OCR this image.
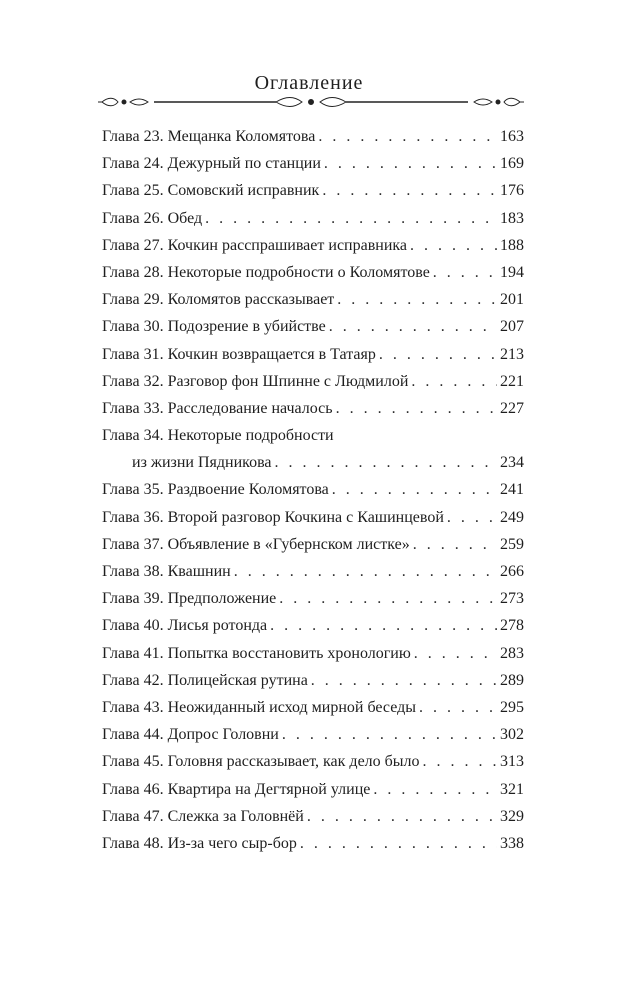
Оглавление
Глава 23. Мещанка Коломятова . . .	163
Глава 24. Дежурный по станции . . .	169
Глава 25. Сомовский исправник . . .	176
Глава 26. Обед . . .	183
Глава 27. Кочкин расспрашивает исправника . . .	188
Глава 28. Некоторые подробности о Коломятове . . .	194
Глава 29. Коломятов рассказывает . . .	201
Глава 30. Подозрение в убийстве . . .	207
Глава 31. Кочкин возвращается в Татаяр . . .	213
Глава 32. Разговор фон Шпинне с Людмилой . . .	221
Глава 33. Расследование началось . . .	227
Глава 34. Некоторые подробности
из жизни Пядникова . . .	234
Глава 35. Раздвоение Коломятова . . .	241
Глава 36. Второй разговор Кочкина с Кашинцевой . . .	249
Глава 37. Объявление в «Губернском листке» . . .	259
Глава 38. Квашнин . . .	266
Глава 39. Предположение . . .	273
Глава 40. Лисья ротонда . . .	278
Глава 41. Попытка восстановить хронологию . . .	283
Глава 42. Полицейская рутина . . .	289
Глава 43. Неожиданный исход мирной беседы . . .	295
Глава 44. Допрос Головни . . .	302
Глава 45. Головня рассказывает, как дело было . . .	313
Глава 46. Квартира на Дегтярной улице . . .	321
Глава 47. Слежка за Головнёй . . .	329
Глава 48. Из-за чего сыр-бор . . .	338
